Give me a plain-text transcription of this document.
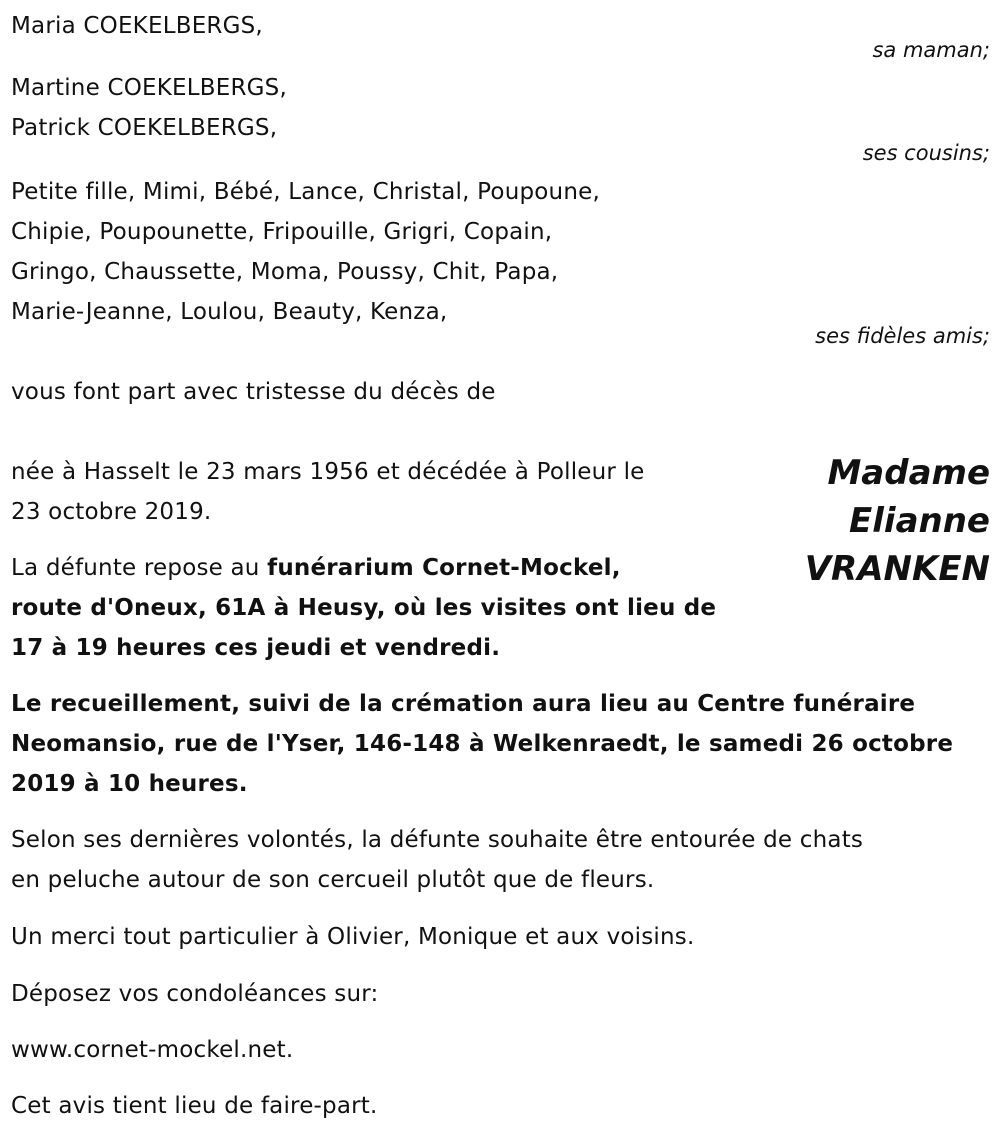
Maria COEKELBERGS,
sa maman;
Martine COEKELBERGS,
Patrick COEKELBERGS,
ses cousins;
Petite fille, Mimi, Bébé, Lance, Christal, Poupoune,
Chipie, Poupounette, Fripouille, Grigri, Copain,
Gringo, Chaussette, Moma, Poussy, Chit, Papa,
Marie-Jeanne, Loulou, Beauty, Kenza,
ses fidèles amis;
vous font part avec tristesse du décès de
Madame
Elianne
VRANKEN
née à Hasselt le 23 mars 1956 et décédée à Polleur le
23 octobre 2019.
La défunte repose au funérarium Cornet-Mockel,
route d'Oneux, 61A à Heusy, où les visites ont lieu de
17 à 19 heures ces jeudi et vendredi.
Le recueillement, suivi de la crémation aura lieu au Centre funéraire
Neomansio, rue de l'Yser, 146-148 à Welkenraedt, le samedi 26 octobre
2019 à 10 heures.
Selon ses dernières volontés, la défunte souhaite être entourée de chats
en peluche autour de son cercueil plutôt que de fleurs.
Un merci tout particulier à Olivier, Monique et aux voisins.
Déposez vos condoléances sur:
www.cornet-mockel.net.
Cet avis tient lieu de faire-part.
